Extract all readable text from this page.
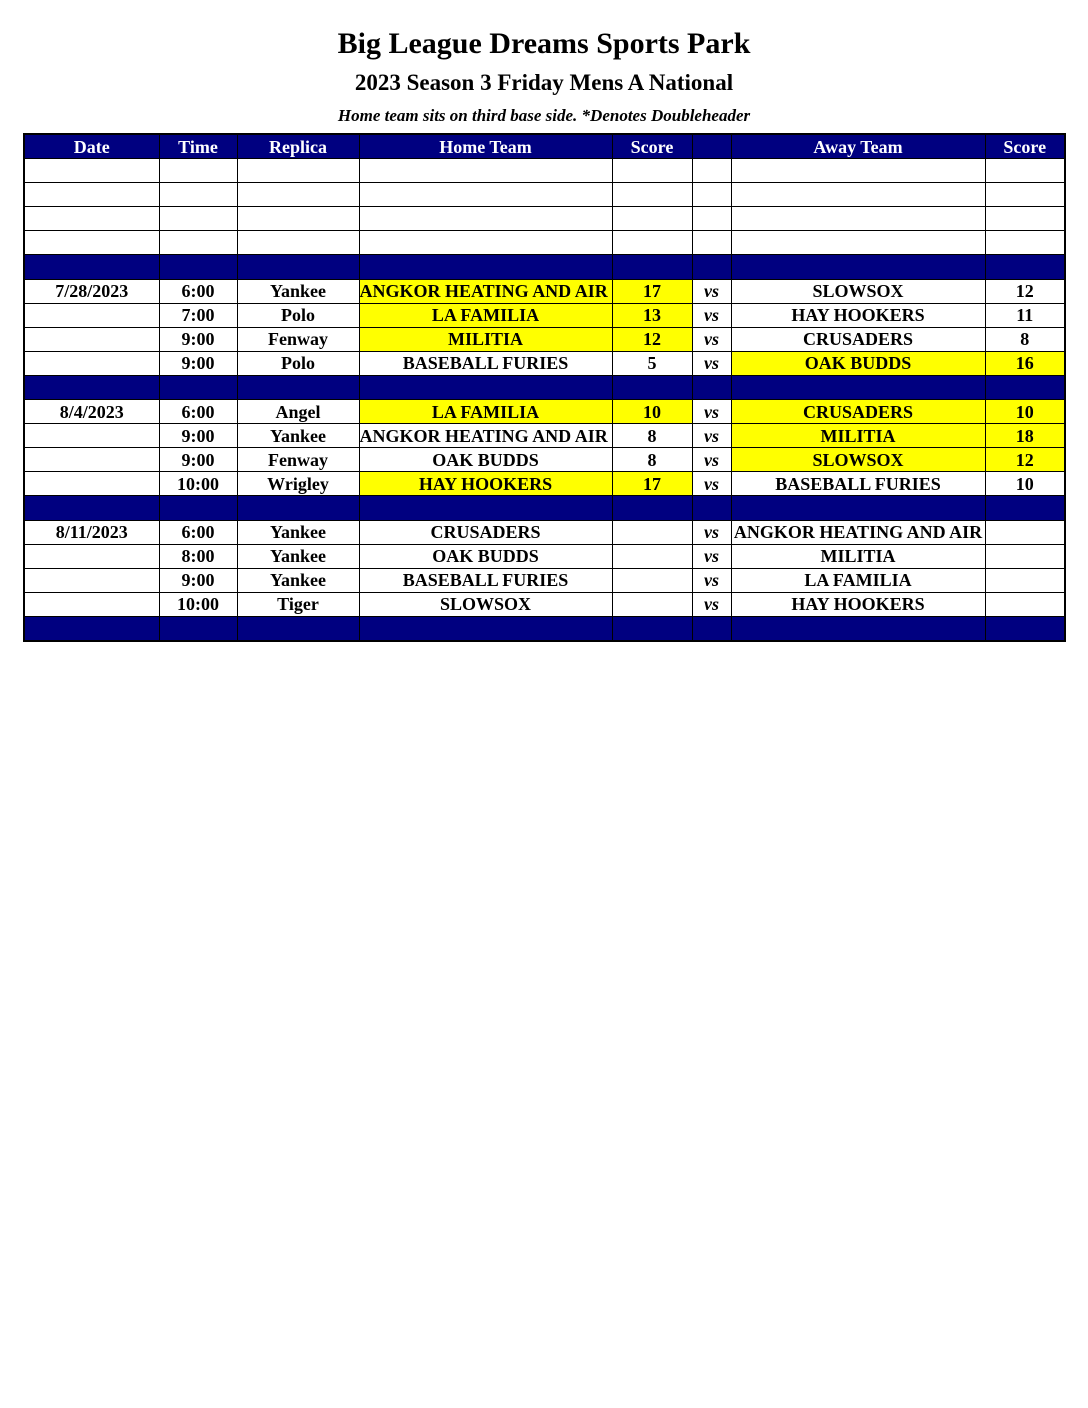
Big League Dreams Sports Park
2023 Season 3 Friday Mens A National
Home team sits on third base side. *Denotes Doubleheader
Date	Time	Replica	Home Team	Score		Away Team	Score

7/28/2023	6:00	Yankee	ANGKOR HEATING AND AIR	17	vs	SLOWSOX	12
	7:00	Polo	LA FAMILIA	13	vs	HAY HOOKERS	11
	9:00	Fenway	MILITIA	12	vs	CRUSADERS	8
	9:00	Polo	BASEBALL FURIES	5	vs	OAK BUDDS	16

8/4/2023	6:00	Angel	LA FAMILIA	10	vs	CRUSADERS	10
	9:00	Yankee	ANGKOR HEATING AND AIR	8	vs	MILITIA	18
	9:00	Fenway	OAK BUDDS	8	vs	SLOWSOX	12
	10:00	Wrigley	HAY HOOKERS	17	vs	BASEBALL FURIES	10

8/11/2023	6:00	Yankee	CRUSADERS		vs	ANGKOR HEATING AND AIR	
	8:00	Yankee	OAK BUDDS		vs	MILITIA	
	9:00	Yankee	BASEBALL FURIES		vs	LA FAMILIA	
	10:00	Tiger	SLOWSOX		vs	HAY HOOKERS	
